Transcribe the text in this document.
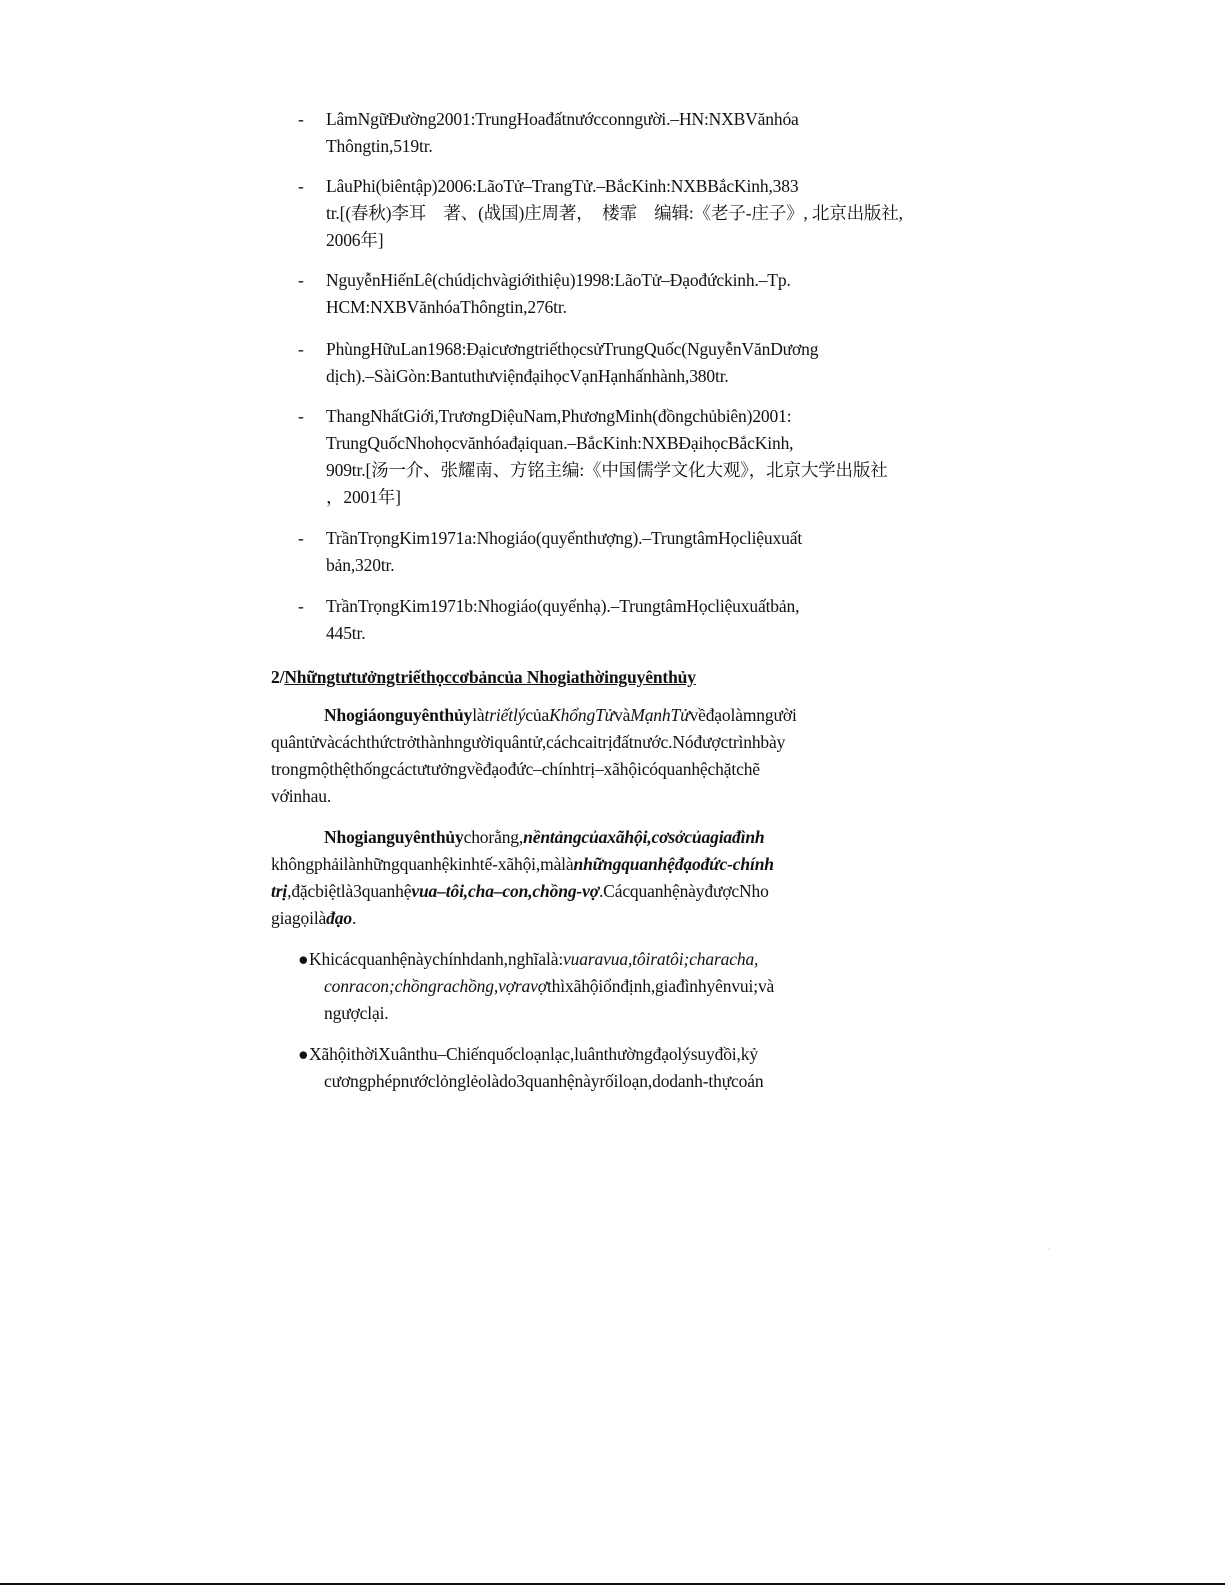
-	LâmNgữĐường2001:TrungHoađấtnướcconngười.–HN:NXBVănhóa
Thôngtin,519tr.
-	LâuPhi(biêntập)2006:LãoTử–TrangTử.–BắcKinh:NXBBắcKinh,383
tr.[(春秋)李耳　著、(战国)庄周著，　楼霏　编辑:《老子-庄子》, 北京出版社,
2006年]
-	NguyễnHiếnLê(chúdịchvàgiớithiệu)1998:LãoTử–Đạođứckinh.–Tp.
HCM:NXBVănhóaThôngtin,276tr.
-	PhùngHữuLan1968:ĐạicươngtriếthọcsửTrungQuốc(NguyễnVănDương
dịch).–SàiGòn:BantuthưviệnđạihọcVạnHạnhấnhành,380tr.
-	ThangNhấtGiới,TrươngDiệuNam,PhươngMinh(đồngchủbiên)2001:
TrungQuốcNhohọcvănhóađạiquan.–BắcKinh:NXBĐạihọcBắcKinh,
909tr.[汤一介、张耀南、方铭主编:《中国儒学文化大观》，北京大学出版社
，2001年]
-	TrầnTrọngKim1971a:Nhogiáo(quyểnthượng).–TrungtâmHọcliệuxuất
bản,320tr.
-	TrầnTrọngKim1971b:Nhogiáo(quyểnhạ).–TrungtâmHọcliệuxuấtbản,
445tr.
2/Nhữngtưtưởngtriếthọccơbảncủa Nhogiathờinguyênthủy
NhogiáonguyênthủylàtriếtlýcủaKhổngTửvàMạnhTửvềđạolàmngười
quântửvàcáchthứctrởthànhngườiquântử,cáchcaitrịđấtnước.Nóđượctrìnhbày
trongmộthệthốngcáctưtưởngvềđạođức–chínhtrị–xãhộicóquanhệchặtchẽ
vớinhau.
Nhogianguyênthủychorằng,nềntảngcủaxãhội,cơsởcủagiađình
khôngphảilànhữngquanhệkinhtế-xãhội,màlànhữngquanhệđạođức-chính
trị,đặcbiệtlà3quanhệvua–tôi,cha–con,chồng-vợ.CácquanhệnàyđượcNho
giagọilàđạo.
● Khicácquanhệnàychínhdanh,nghĩalà:vuaravua,tôiratôi;characha,
conracon;chồngrachồng,vợravợthìxãhộiổnđịnh,giađìnhyênvui;và
ngượclại.
● XãhộithờiXuânthu–Chiếnquốcloạnlạc,luânthườngđạolýsuyđồi,kỷ
cươngphépnướclỏnglẻolàdo3quanhệnàyrốiloạn,dodanh-thựcoán
